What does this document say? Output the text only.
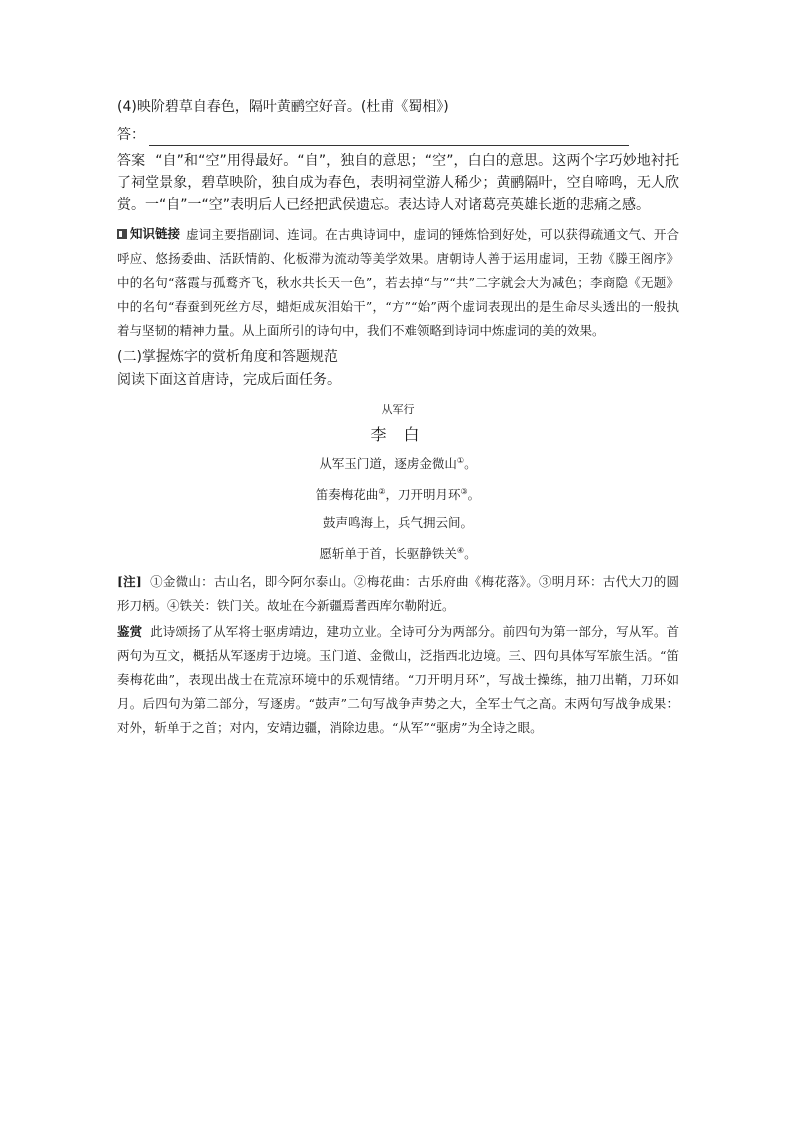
(4)映阶碧草自春色，隔叶黄鹂空好音。(杜甫《蜀相》)
答：

答案 “自”和“空”用得最好。“自”，独自的意思；“空”，白白的意思。这两个字巧妙地衬托了祠堂景象，碧草映阶，独自成为春色，表明祠堂游人稀少；黄鹂隔叶，空自啼鸣，无人欣赏。一“自”一“空”表明后人已经把武侯遗忘。表达诗人对诸葛亮英雄长逝的悲痛之感。

知识链接 虚词主要指副词、连词。在古典诗词中，虚词的锤炼恰到好处，可以获得疏通文气、开合呼应、悠扬委曲、活跃情韵、化板滞为流动等美学效果。唐朝诗人善于运用虚词，王勃《滕王阁序》中的名句“落霞与孤鹜齐飞，秋水共长天一色”，若去掉“与”“共”二字就会大为减色；李商隐《无题》中的名句“春蚕到死丝方尽，蜡炬成灰泪始干”，“方”“始”两个虚词表现出的是生命尽头透出的一般执着与坚韧的精神力量。从上面所引的诗句中，我们不难领略到诗词中炼虚词的美的效果。

(二)掌握炼字的赏析角度和答题规范
阅读下面这首唐诗，完成后面任务。
从军行
李 白
从军玉门道，逐虏金微山①。
笛奏梅花曲②，刀开明月环③。
鼓声鸣海上，兵气拥云间。
愿斩单于首，长驱静铁关④。

[注] ①金微山：古山名，即今阿尔泰山。②梅花曲：古乐府曲《梅花落》。③明月环：古代大刀的圆形刀柄。④铁关：铁门关。故址在今新疆焉耆西库尔勒附近。

鉴赏 此诗颂扬了从军将士驱虏靖边，建功立业。全诗可分为两部分。前四句为第一部分，写从军。首两句为互文，概括从军逐虏于边境。玉门道、金微山，泛指西北边境。三、四句具体写军旅生活。“笛奏梅花曲”，表现出战士在荒凉环境中的乐观情绪。“刀开明月环”，写战士操练，抽刀出鞘，刀环如月。后四句为第二部分，写逐虏。“鼓声”二句写战争声势之大，全军士气之高。末两句写战争成果：对外，斩单于之首；对内，安靖边疆，消除边患。“从军”“驱虏”为全诗之眼。
